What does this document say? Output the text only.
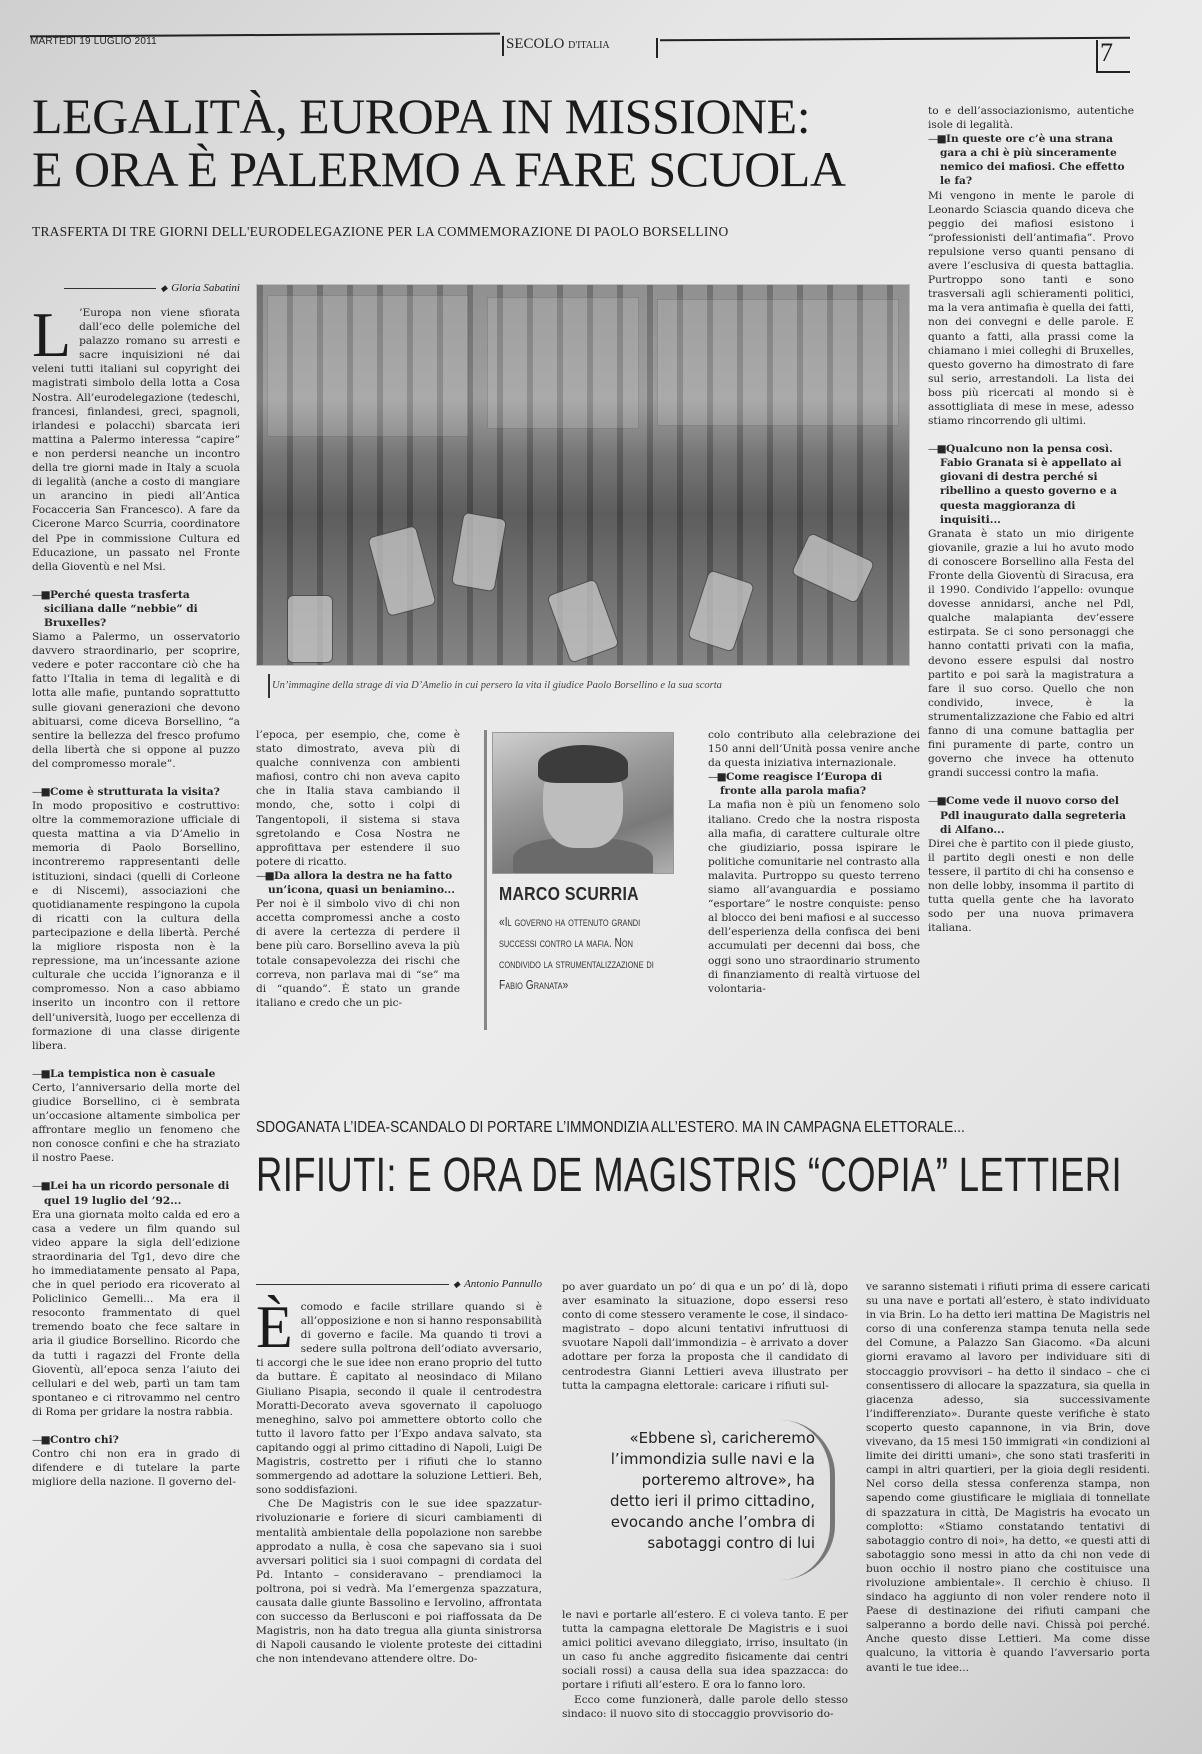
MARTEDÌ 19 LUGLIO 2011	SECOLO D'ITALIA	7
LEGALITÀ, EUROPA IN MISSIONE:
E ORA È PALERMO A FARE SCUOLA
TRASFERTA DI TRE GIORNI DELL'EURODELEGAZIONE PER LA COMMEMORAZIONE DI PAOLO BORSELLINO
◆ Gloria Sabatini
L ’Europa non viene sfiorata dall’eco delle polemiche del palazzo romano su arresti e sacre inquisizioni né dai veleni tutti italiani sul copyright dei magistrati simbolo della lotta a Cosa Nostra. All’eurodelegazione (tedeschi, francesi, finlandesi, greci, spagnoli, irlandesi e polacchi) sbarcata ieri mattina a Palermo interessa “capire” e non perdersi neanche un incontro della tre giorni made in Italy a scuola di legalità (anche a costo di mangiare un arancino in piedi all’Antica Focacceria San Francesco). A fare da Cicerone Marco Scurria, coordinatore del Ppe in commissione Cultura ed Educazione, un passato nel Fronte della Gioventù e nel Msi.

—■ Perché questa trasferta siciliana dalle “nebbie” di Bruxelles?

Siamo a Palermo, un osservatorio davvero straordinario, per scoprire, vedere e poter raccontare ciò che ha fatto l’Italia in tema di legalità e di lotta alle mafie, puntando soprattutto sulle giovani generazioni che devono abituarsi, come diceva Borsellino, “a sentire la bellezza del fresco profumo della libertà che si oppone al puzzo del compromesso morale”.

—■ Come è strutturata la visita?

In modo propositivo e costruttivo: oltre la commemorazione ufficiale di questa mattina a via D’Amelio in memoria di Paolo Borsellino, incontreremo rappresentanti delle istituzioni, sindaci (quelli di Corleone e di Niscemi), associazioni che quotidianamente respingono la cupola di ricatti con la cultura della partecipazione e della libertà. Perché la migliore risposta non è la repressione, ma un’incessante azione culturale che uccida l’ignoranza e il compromesso. Non a caso abbiamo inserito un incontro con il rettore dell’università, luogo per eccellenza di formazione di una classe dirigente libera.

—■ La tempistica non è casuale

Certo, l’anniversario della morte del giudice Borsellino, ci è sembrata un’occasione altamente simbolica per affrontare meglio un fenomeno che non conosce confini e che ha straziato il nostro Paese.

—■ Lei ha un ricordo personale di quel 19 luglio del ’92...

Era una giornata molto calda ed ero a casa a vedere un film quando sul video appare la sigla dell’edizione straordinaria del Tg1, devo dire che ho immediatamente pensato al Papa, che in quel periodo era ricoverato al Policlinico Gemelli... Ma era il resoconto frammentato di quel tremendo boato che fece saltare in aria il giudice Borsellino. Ricordo che da tutti i ragazzi del Fronte della Gioventù, all’epoca senza l’aiuto dei cellulari e del web, partì un tam tam spontaneo e ci ritrovammo nel centro di Roma per gridare la nostra rabbia.

—■ Contro chi?

Contro chi non era in grado di difendere e di tutelare la parte migliore della nazione. Il governo del-

Un’immagine della strage di via D’Amelio in cui persero la vita il giudice Paolo Borsellino e la sua scorta

l’epoca, per esempio, che, come è stato dimostrato, aveva più di qualche connivenza con ambienti mafiosi, contro chi non aveva capito che in Italia stava cambiando il mondo, che, sotto i colpi di Tangentopoli, il sistema si stava sgretolando e Cosa Nostra ne approfittava per estendere il suo potere di ricatto.

—■ Da allora la destra ne ha fatto un’icona, quasi un beniamino...

Per noi è il simbolo vivo di chi non accetta compromessi anche a costo di avere la certezza di perdere il bene più caro. Borsellino aveva la più totale consapevolezza dei rischi che correva, non parlava mai di “se” ma di “quando”. È stato un grande italiano e credo che un pic-

MARCO SCURRIA
«Il governo ha ottenuto grandi successi contro la mafia. Non condivido la strumentalizzazione di Fabio Granata»

colo contributo alla celebrazione dei 150 anni dell’Unità possa venire anche da questa iniziativa internazionale.

—■ Come reagisce l’Europa di fronte alla parola mafia?

La mafia non è più un fenomeno solo italiano. Credo che la nostra risposta alla mafia, di carattere culturale oltre che giudiziario, possa ispirare le politiche comunitarie nel contrasto alla malavita. Purtroppo su questo terreno siamo all’avanguardia e possiamo “esportare” le nostre conquiste: penso al blocco dei beni mafiosi e al successo dell’esperienza della confisca dei beni accumulati per decenni dai boss, che oggi sono uno straordinario strumento di finanziamento di realtà virtuose del volontaria-

to e dell’associazionismo, autentiche isole di legalità.

—■ In queste ore c’è una strana gara a chi è più sinceramente nemico dei mafiosi. Che effetto le fa?

Mi vengono in mente le parole di Leonardo Sciascia quando diceva che peggio dei mafiosi esistono i “professionisti dell’antimafia”. Provo repulsione verso quanti pensano di avere l’esclusiva di questa battaglia. Purtroppo sono tanti e sono trasversali agli schieramenti politici, ma la vera antimafia è quella dei fatti, non dei convegni e delle parole. E quanto a fatti, alla prassi come la chiamano i miei colleghi di Bruxelles, questo governo ha dimostrato di fare sul serio, arrestandoli. La lista dei boss più ricercati al mondo si è assottigliata di mese in mese, adesso stiamo rincorrendo gli ultimi.

—■ Qualcuno non la pensa così. Fabio Granata si è appellato ai giovani di destra perché si ribellino a questo governo e a questa maggioranza di inquisiti...

Granata è stato un mio dirigente giovanile, grazie a lui ho avuto modo di conoscere Borsellino alla Festa del Fronte della Gioventù di Siracusa, era il 1990. Condivido l’appello: ovunque dovesse annidarsi, anche nel Pdl, qualche malapianta dev’essere estirpata. Se ci sono personaggi che hanno contatti privati con la mafia, devono essere espulsi dal nostro partito e poi sarà la magistratura a fare il suo corso. Quello che non condivido, invece, è la strumentalizzazione che Fabio ed altri fanno di una comune battaglia per fini puramente di parte, contro un governo che invece ha ottenuto grandi successi contro la mafia.

—■ Come vede il nuovo corso del Pdl inaugurato dalla segreteria di Alfano...

Direi che è partito con il piede giusto, il partito degli onesti e non delle tessere, il partito di chi ha consenso e non delle lobby, insomma il partito di tutta quella gente che ha lavorato sodo per una nuova primavera italiana.

SDOGANATA L’IDEA-SCANDALO DI PORTARE L’IMMONDIZIA ALL’ESTERO. MA IN CAMPAGNA ELETTORALE...
RIFIUTI: E ORA DE MAGISTRIS “COPIA” LETTIERI
◆ Antonio Pannullo
È comodo e facile strillare quando si è all’opposizione e non si hanno responsabilità di governo e facile. Ma quando ti trovi a sedere sulla poltrona dell’odiato avversario, ti accorgi che le sue idee non erano proprio del tutto da buttare. È capitato al neosindaco di Milano Giuliano Pisapia, secondo il quale il centrodestra Moratti-Decorato aveva sgovernato il capoluogo meneghino, salvo poi ammettere obtorto collo che tutto il lavoro fatto per l’Expo andava salvato, sta capitando oggi al primo cittadino di Napoli, Luigi De Magistris, costretto per i rifiuti che lo stanno sommergendo ad adottare la soluzione Lettieri. Beh, sono soddisfazioni.

Che De Magistris con le sue idee spazzatur-rivoluzionarie e foriere di sicuri cambiamenti di mentalità ambientale della popolazione non sarebbe approdato a nulla, è cosa che sapevano sia i suoi avversari politici sia i suoi compagni di cordata del Pd. Intanto – consideravano – prendiamoci la poltrona, poi si vedrà. Ma l’emergenza spazzatura, causata dalle giunte Bassolino e Iervolino, affrontata con successo da Berlusconi e poi riaffossata da De Magistris, non ha dato tregua alla giunta sinistrorsa di Napoli causando le violente proteste dei cittadini che non intendevano attendere oltre. Do-

po aver guardato un po’ di qua e un po’ di là, dopo aver esaminato la situazione, dopo essersi reso conto di come stessero veramente le cose, il sindaco-magistrato – dopo alcuni tentativi infruttuosi di svuotare Napoli dall’immondizia – è arrivato a dover adottare per forza la proposta che il candidato di centrodestra Gianni Lettieri aveva illustrato per tutta la campagna elettorale: caricare i rifiuti sul-
«Ebbene sì, caricheremo l’immondizia sulle navi e la porteremo altrove», ha detto ieri il primo cittadino, evocando anche l’ombra di sabotaggi contro di lui

le navi e portarle all’estero. E ci voleva tanto. E per tutta la campagna elettorale De Magistris e i suoi amici politici avevano dileggiato, irriso, insultato (in un caso fu anche aggredito fisicamente dai centri sociali rossi) a causa della sua idea spazzacca: do portare i rifiuti all’estero. E ora lo fanno loro.

Ecco come funzionerà, dalle parole dello stesso sindaco: il nuovo sito di stoccaggio provvisorio do-

ve saranno sistemati i rifiuti prima di essere caricati su una nave e portati all’estero, è stato individuato in via Brin. Lo ha detto ieri mattina De Magistris nel corso di una conferenza stampa tenuta nella sede del Comune, a Palazzo San Giacomo. «Da alcuni giorni eravamo al lavoro per individuare siti di stoccaggio provvisori – ha detto il sindaco – che ci consentissero di allocare la spazzatura, sia quella in giacenza adesso, sia successivamente l’indifferenziato». Durante queste verifiche è stato scoperto questo capannone, in via Brin, dove vivevano, da 15 mesi 150 immigrati «in condizioni al limite dei diritti umani», che sono stati trasferiti in campi in altri quartieri, per la gioia degli residenti. Nel corso della stessa conferenza stampa, non sapendo come giustificare le migliaia di tonnellate di spazzatura in città, De Magistris ha evocato un complotto: «Stiamo constatando tentativi di sabotaggio contro di noi», ha detto, «e questi atti di sabotaggio sono messi in atto da chi non vede di buon occhio il nostro piano che costituisce una rivoluzione ambientale». Il cerchio è chiuso. Il sindaco ha aggiunto di non voler rendere noto il Paese di destinazione dei rifiuti campani che salperanno a bordo delle navi. Chissà poi perché. Anche questo disse Lettieri. Ma come disse qualcuno, la vittoria è quando l’avversario porta avanti le tue idee...
